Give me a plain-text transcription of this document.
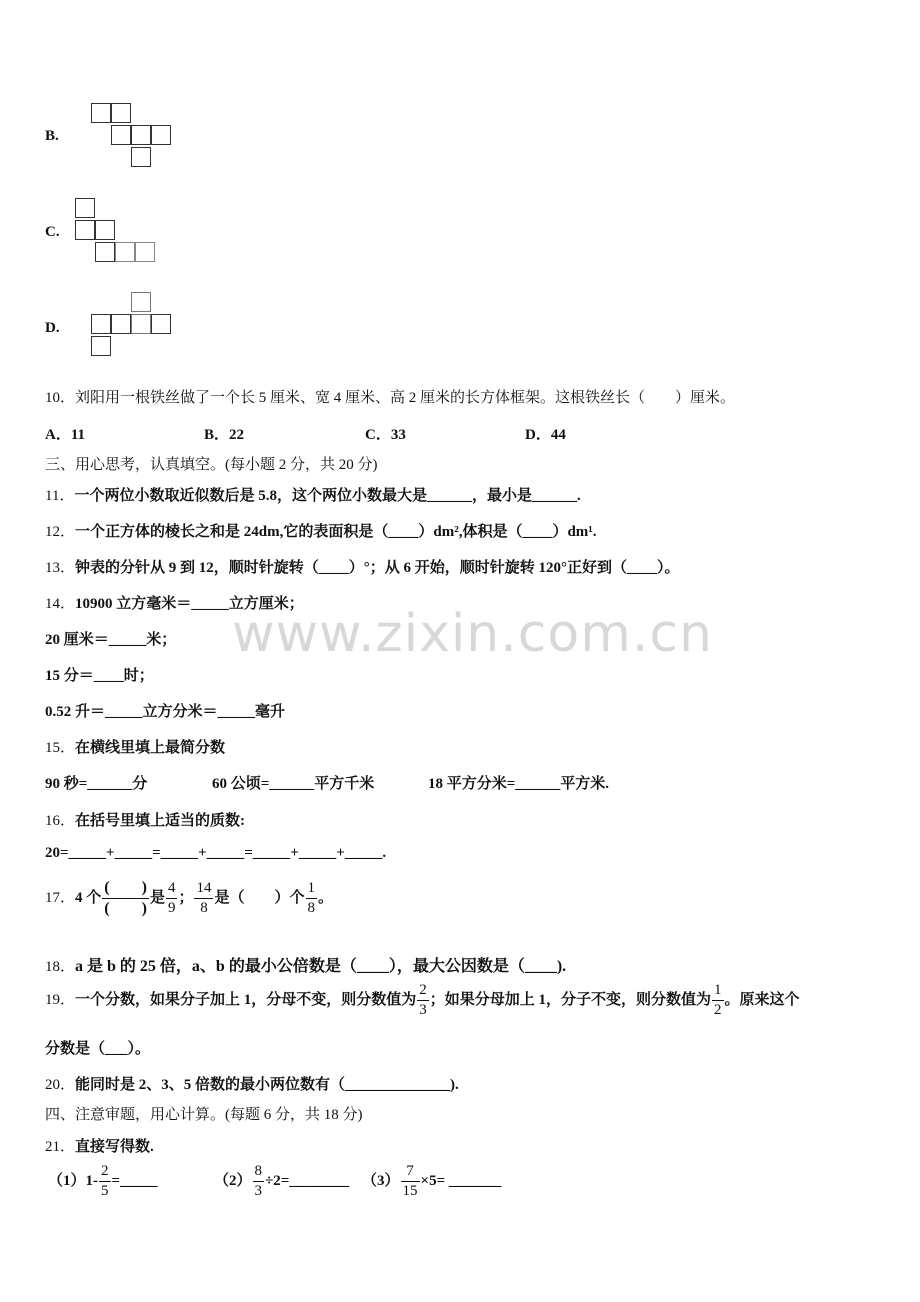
www.zixin.com.cn
B.
C.
D.
10．刘阳用一根铁丝做了一个长 5 厘米、宽 4 厘米、高 2 厘米的长方体框架。这根铁丝长（　　）厘米。
A．11	B．22	C．33	D．44
三、用心思考，认真填空。(每小题 2 分，共 20 分)
11．一个两位小数取近似数后是 5.8，这个两位小数最大是______，最小是______.
12．一个正方体的棱长之和是 24dm,它的表面积是（____）dm²,体积是（____）dm¹.
13．钟表的分针从 9 到 12，顺时针旋转（____）°；从 6 开始，顺时针旋转 120°正好到（____）。
14．10900 立方毫米＝_____立方厘米；
20 厘米＝_____米；
15 分＝____时；
0.52 升＝_____立方分米＝_____毫升
15．在横线里填上最简分数
90 秒=______分	60 公顷=______平方千米	18 平方分米=______平方米.
16．在括号里填上适当的质数:
20=_____+_____=_____+_____=_____+_____+_____.
17．4 个 $\frac{( )}{( )}$ 是 $\frac{4}{9}$ ； $\frac{14}{8}$ 是（　　）个 $\frac{1}{8}$ 。
18．a 是 b 的 25 倍，a、b 的最小公倍数是（____），最大公因数是（____).
19．一个分数，如果分子加上 1，分母不变，则分数值为 $\frac{2}{3}$ ；如果分母加上 1，分子不变，则分数值为 $\frac{1}{2}$ 。原来这个
分数是（___）。
20．能同时是 2、3、5 倍数的最小两位数有（______________).
四、注意审题，用心计算。(每题 6 分，共 18 分)
21．直接写得数.
$(1)1- \frac{2}{5}$ =_____	$(2) \frac{8}{3}$ ÷2=________ $(3) \frac{7}{15} \times 5=$ _______
